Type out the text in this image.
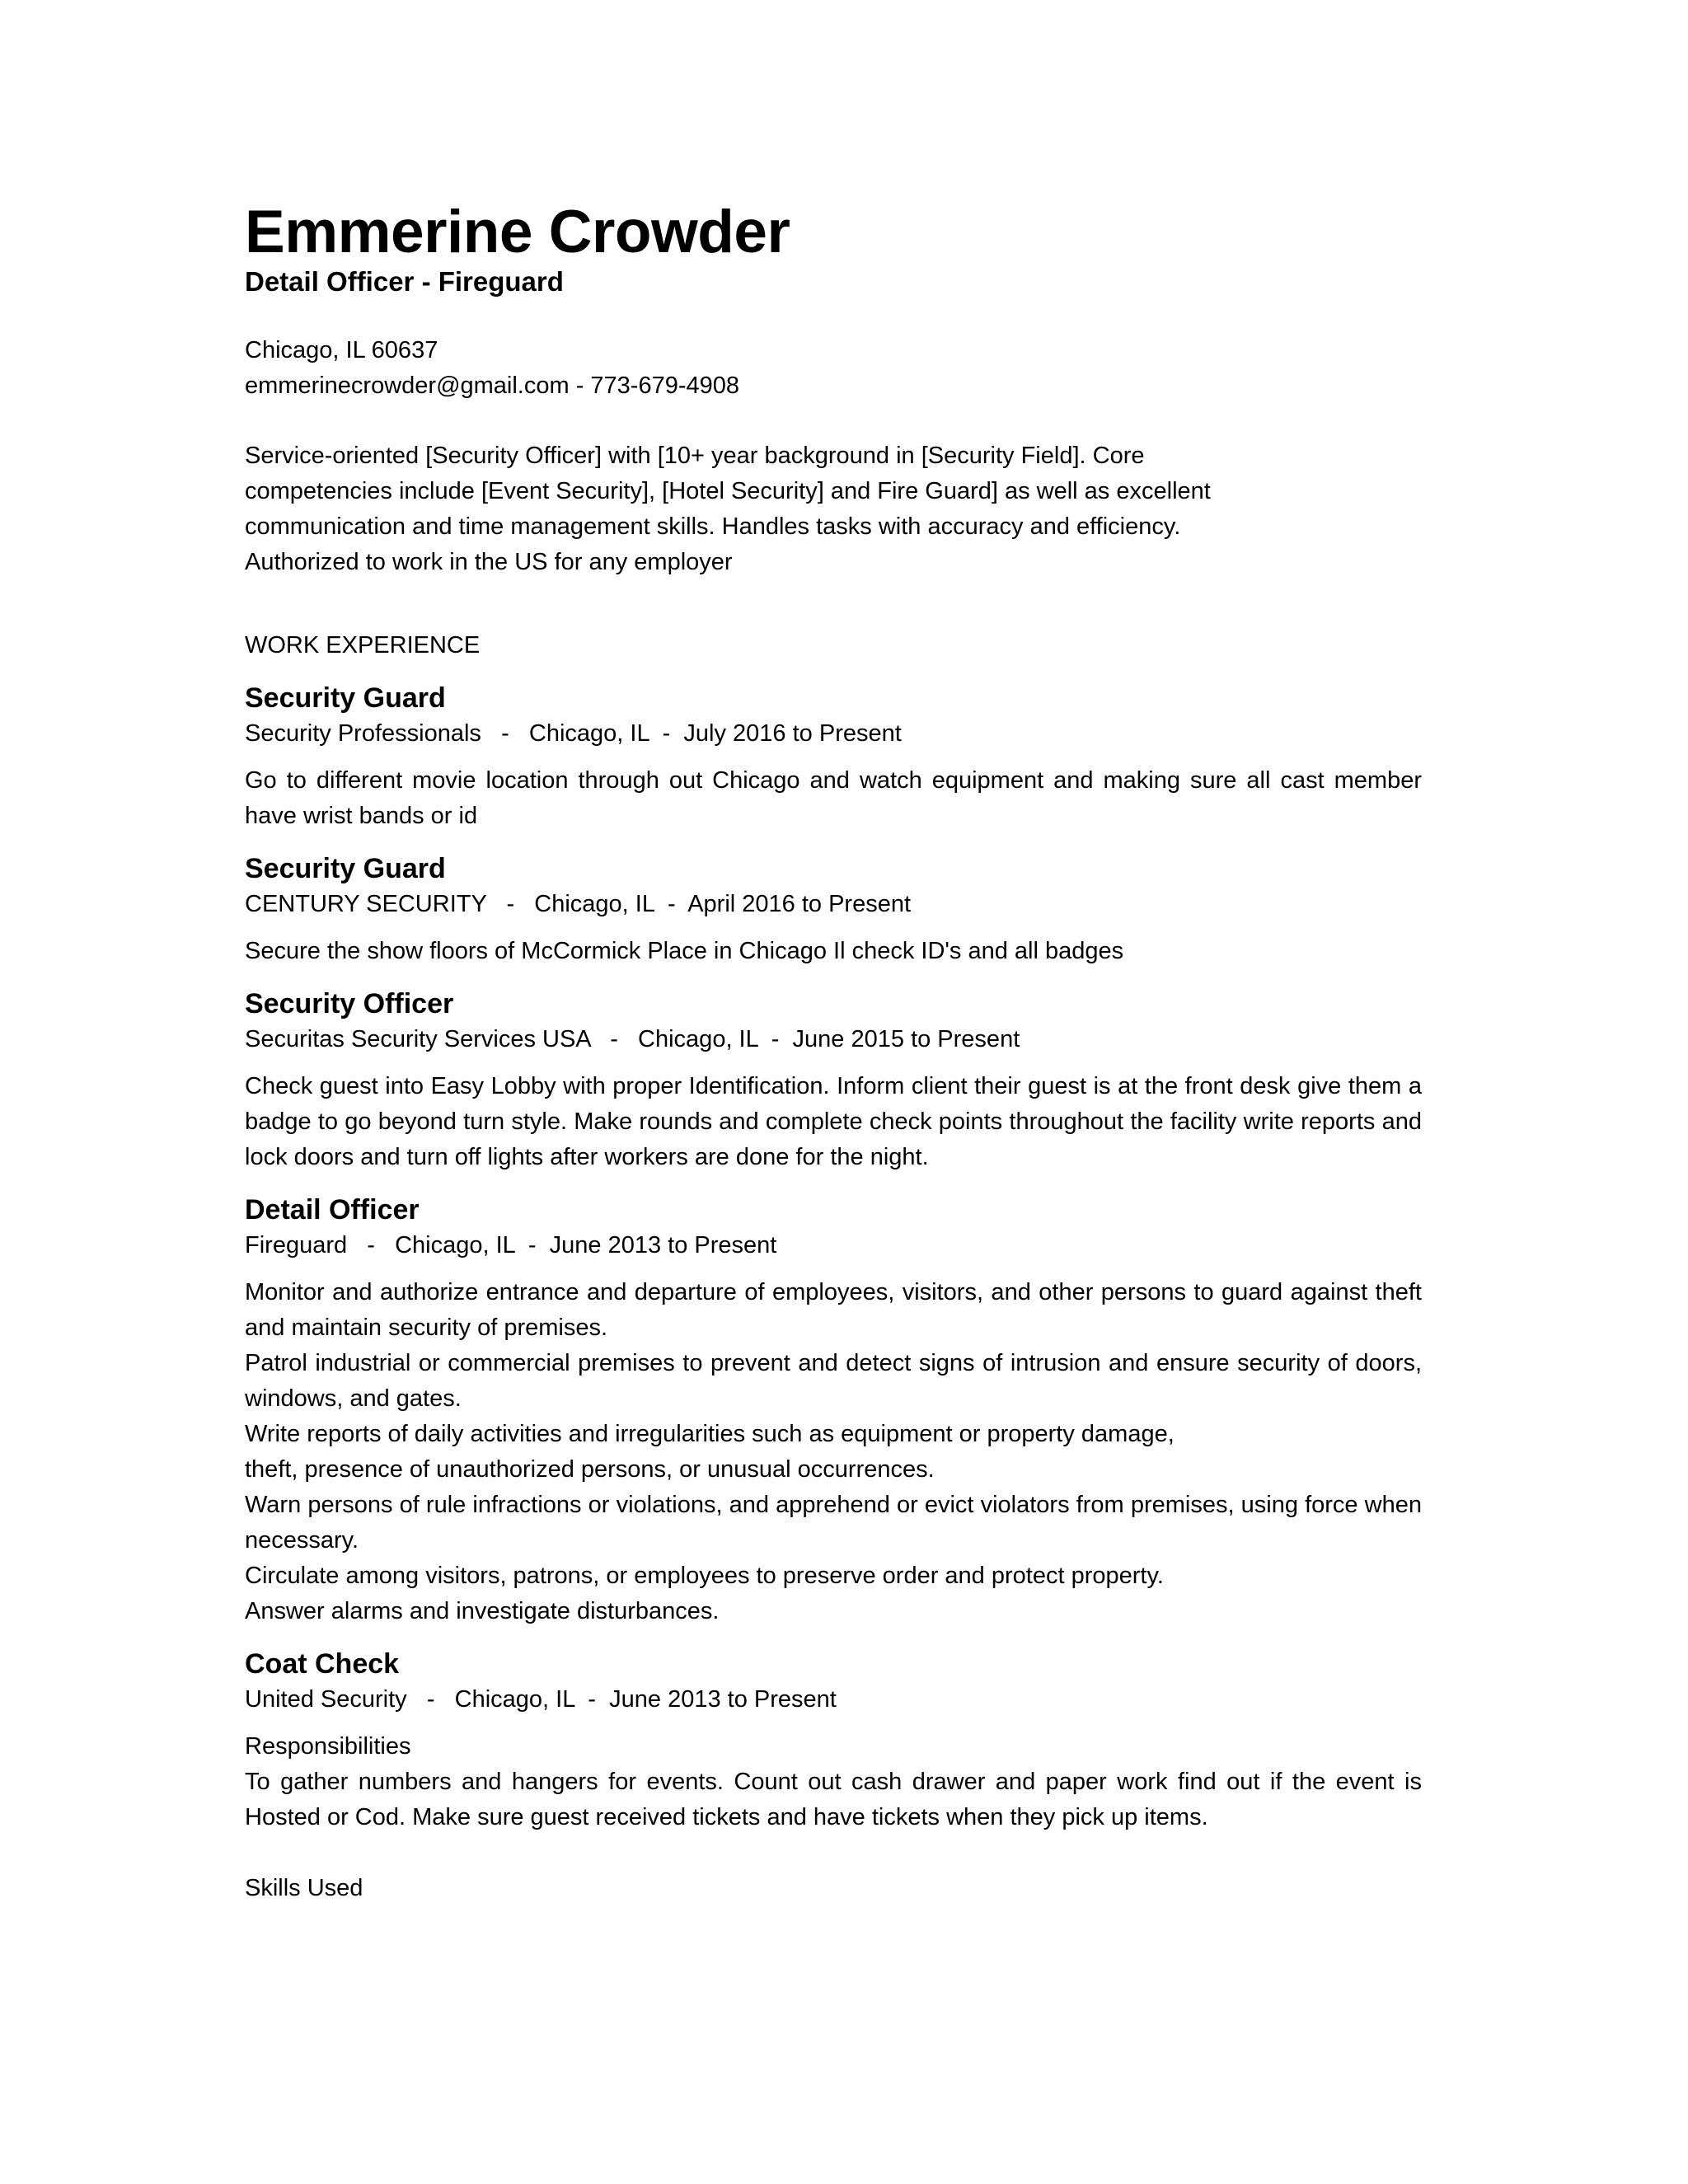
Emmerine Crowder
Detail Officer - Fireguard
Chicago, IL 60637
emmerinecrowder@gmail.com - 773-679-4908
Service-oriented [Security Officer] with [10+ year background in [Security Field]. Core
competencies include [Event Security], [Hotel Security] and Fire Guard] as well as excellent
communication and time management skills. Handles tasks with accuracy and efficiency.
Authorized to work in the US for any employer
WORK EXPERIENCE
Security Guard
Security Professionals   -   Chicago, IL  -  July 2016 to Present
Go to different movie location through out Chicago and watch equipment and making sure all cast member have wrist bands or id
Security Guard
CENTURY SECURITY   -   Chicago, IL  -  April 2016 to Present
Secure the show floors of McCormick Place in Chicago Il check ID's and all badges
Security Officer
Securitas Security Services USA   -   Chicago, IL  -  June 2015 to Present
Check guest into Easy Lobby with proper Identification. Inform client their guest is at the front desk give them a badge to go beyond turn style. Make rounds and complete check points throughout the facility write reports and lock doors and turn off lights after workers are done for the night.
Detail Officer
Fireguard   -   Chicago, IL  -  June 2013 to Present
Monitor and authorize entrance and departure of employees, visitors, and other persons to guard against theft and maintain security of premises.
Patrol industrial or commercial premises to prevent and detect signs of intrusion and ensure security of doors, windows, and gates.
Write reports of daily activities and irregularities such as equipment or property damage,
theft, presence of unauthorized persons, or unusual occurrences.
Warn persons of rule infractions or violations, and apprehend or evict violators from premises, using force when necessary.
Circulate among visitors, patrons, or employees to preserve order and protect property.
Answer alarms and investigate disturbances.
Coat Check
United Security   -   Chicago, IL  -  June 2013 to Present
Responsibilities
To gather numbers and hangers for events. Count out cash drawer and paper work find out if the event is Hosted or Cod. Make sure guest received tickets and have tickets when they pick up items.
Skills Used
